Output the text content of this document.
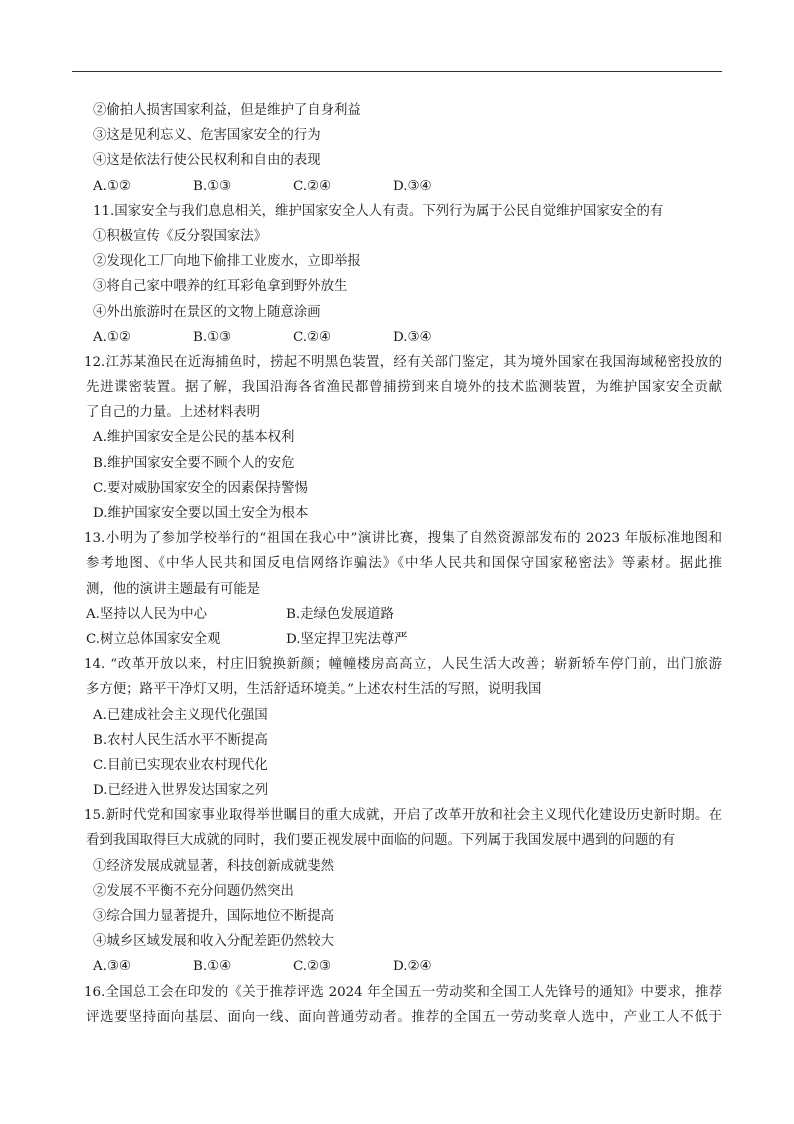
②偷拍人损害国家利益，但是维护了自身利益
③这是见利忘义、危害国家安全的行为
④这是依法行使公民权利和自由的表现
A.①②	B.①③	C.②④	D.③④
11.国家安全与我们息息相关，维护国家安全人人有责。下列行为属于公民自觉维护国家安全的有
①积极宣传《反分裂国家法》
②发现化工厂向地下偷排工业废水，立即举报
③将自己家中喂养的红耳彩龟拿到野外放生
④外出旅游时在景区的文物上随意涂画
A.①②	B.①③	C.②④	D.③④
12.江苏某渔民在近海捕鱼时，捞起不明黑色装置，经有关部门鉴定，其为境外国家在我国海域秘密投放的
先进谍密装置。据了解，我国沿海各省渔民都曾捕捞到来自境外的技术监测装置，为维护国家安全贡献
了自己的力量。上述材料表明
A.维护国家安全是公民的基本权利
B.维护国家安全要不顾个人的安危
C.要对威胁国家安全的因素保持警惕
D.维护国家安全要以国土安全为根本
13.小明为了参加学校举行的“祖国在我心中”演讲比赛，搜集了自然资源部发布的 2023 年版标准地图和
参考地图、《中华人民共和国反电信网络诈骗法》《中华人民共和国保守国家秘密法》等素材。据此推
测，他的演讲主题最有可能是
A.坚持以人民为中心	B.走绿色发展道路
C.树立总体国家安全观	D.坚定捍卫宪法尊严
14. “改革开放以来，村庄旧貌换新颜；幢幢楼房高高立，人民生活大改善；崭新轿车停门前，出门旅游
多方便；路平干净灯又明，生活舒适环境美。”上述农村生活的写照，说明我国
A.已建成社会主义现代化强国
B.农村人民生活水平不断提高
C.目前已实现农业农村现代化
D.已经进入世界发达国家之列
15.新时代党和国家事业取得举世瞩目的重大成就，开启了改革开放和社会主义现代化建设历史新时期。在
看到我国取得巨大成就的同时，我们要正视发展中面临的问题。下列属于我国发展中遇到的问题的有
①经济发展成就显著，科技创新成就斐然
②发展不平衡不充分问题仍然突出
③综合国力显著提升，国际地位不断提高
④城乡区域发展和收入分配差距仍然较大
A.③④	B.①④	C.②③	D.②④
16.全国总工会在印发的《关于推荐评选 2024 年全国五一劳动奖和全国工人先锋号的通知》中要求，推荐
评选要坚持面向基层、面向一线、面向普通劳动者。推荐的全国五一劳动奖章人选中，产业工人不低于
